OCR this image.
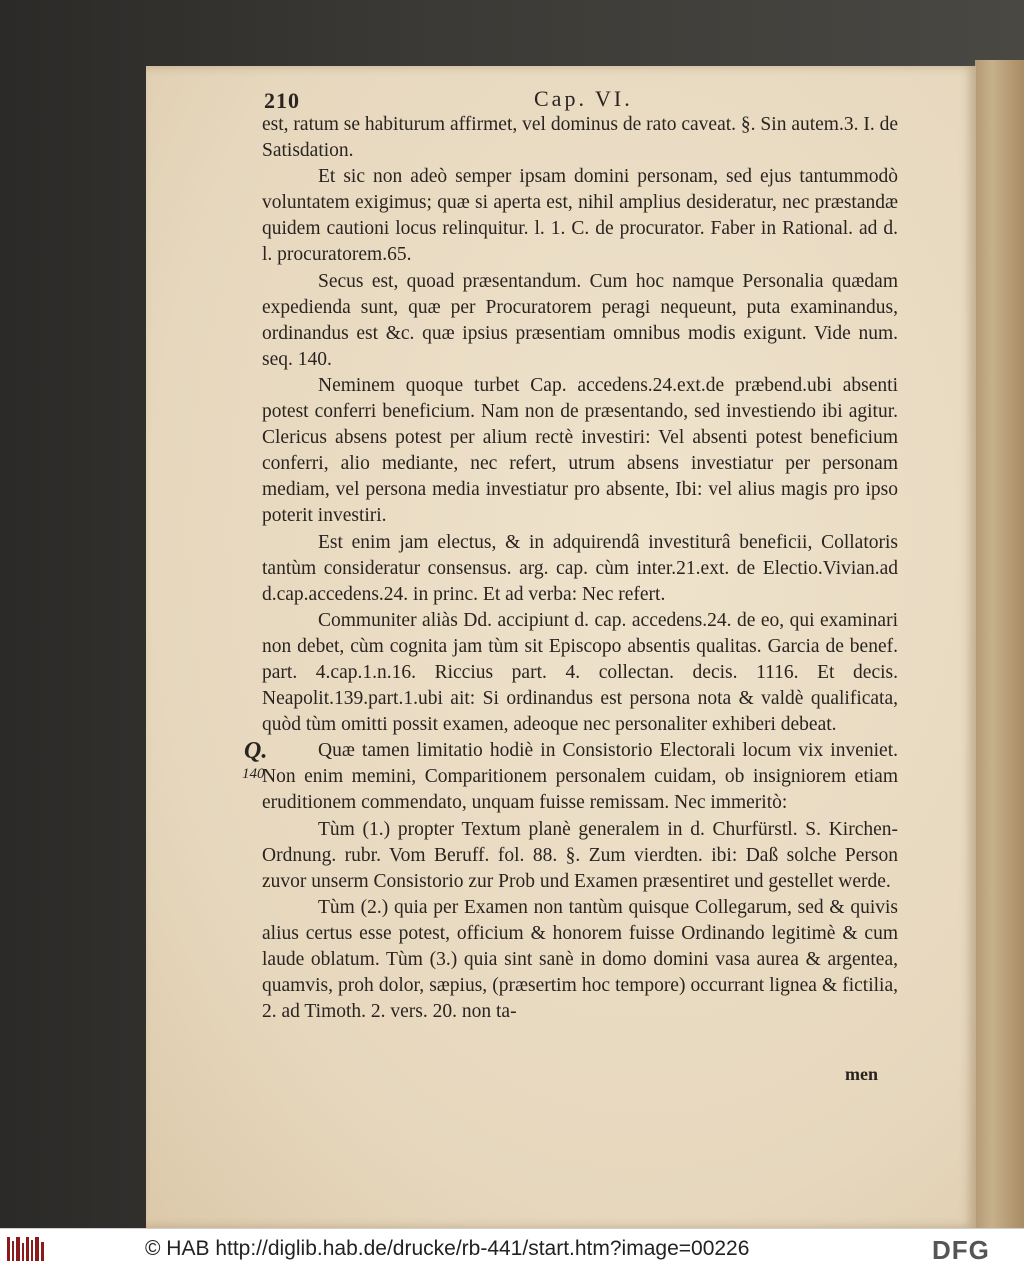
210	Cap. VI.
Q.
140

est, ratum se habiturum affirmet, vel dominus de rato caveat. §. Sin autem.3. I. de Satisdation.

Et sic non adeò semper ipsam domini personam, sed ejus tantummodò voluntatem exigimus; quæ si aperta est, nihil amplius desideratur, nec præstandæ quidem cautioni locus relinquitur. l. 1. C. de procurator. Faber in Rational. ad d. l. procuratorem.65.

Secus est, quoad præsentandum. Cum hoc namque Personalia quædam expedienda sunt, quæ per Procuratorem peragi nequeunt, puta examinandus, ordinandus est &c. quæ ipsius præsentiam omnibus modis exigunt. Vide num. seq. 140.

Neminem quoque turbet Cap. accedens.24.ext.de præbend.ubi absenti potest conferri beneficium. Nam non de præsentando, sed investiendo ibi agitur. Clericus absens potest per alium rectè investiri: Vel absenti potest beneficium conferri, alio mediante, nec refert, utrum absens investiatur per personam mediam, vel persona media investiatur pro absente, Ibi: vel alius magis pro ipso poterit investiri.

Est enim jam electus, & in adquirendâ investiturâ beneficii, Collatoris tantùm consideratur consensus. arg. cap. cùm inter.21.ext. de Electio.Vivian.ad d.cap.accedens.24. in princ. Et ad verba: Nec refert.

Communiter aliàs Dd. accipiunt d. cap. accedens.24. de eo, qui examinari non debet, cùm cognita jam tùm sit Episcopo absentis qualitas. Garcia de benef. part. 4.cap.1.n.16. Riccius part. 4. collectan. decis. 1116. Et decis. Neapolit.139.part.1.ubi ait: Si ordinandus est persona nota & valdè qualificata, quòd tùm omitti possit examen, adeoque nec personaliter exhiberi debeat.

Quæ tamen limitatio hodiè in Consistorio Electorali locum vix inveniet. Non enim memini, Comparitionem personalem cuidam, ob insigniorem etiam eruditionem commendato, unquam fuisse remissam. Nec immeritò:

Tùm (1.) propter Textum planè generalem in d. Churfürstl. S. Kirchen-Ordnung. rubr. Vom Beruff. fol. 88. §. Zum vierdten. ibi: Daß solche Person zuvor unserm Consistorio zur Prob und Examen præsentiret und gestellet werde.

Tùm (2.) quia per Examen non tantùm quisque Collegarum, sed & quivis alius certus esse potest, officium & honorem fuisse Ordinando legitimè & cum laude oblatum. Tùm (3.) quia sint sanè in domo domini vasa aurea & argentea, quamvis, proh dolor, sæpius, (præsertim hoc tempore) occurrant lignea & fictilia, 2. ad Timoth. 2. vers. 20. non ta-

men
© HAB http://diglib.hab.de/drucke/rb-441/start.htm?image=00226	DFG
